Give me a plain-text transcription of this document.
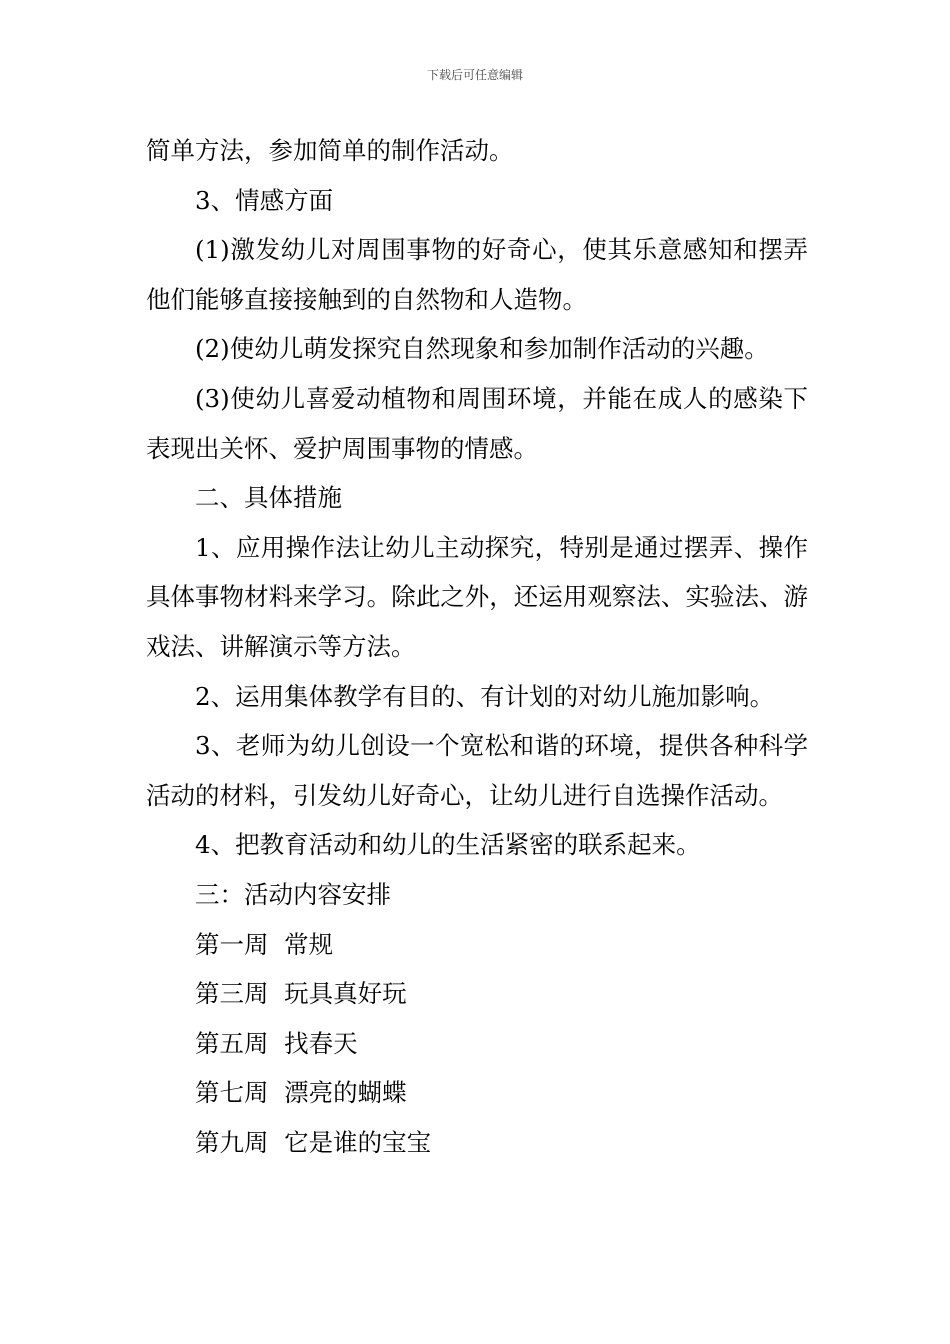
下载后可任意编辑

简单方法，参加简单的制作活动。

3、情感方面

(1)激发幼儿对周围事物的好奇心，使其乐意感知和摆弄他们能够直接接触到的自然物和人造物。

(2)使幼儿萌发探究自然现象和参加制作活动的兴趣。

(3)使幼儿喜爱动植物和周围环境，并能在成人的感染下表现出关怀、爱护周围事物的情感。

二、具体措施

1、应用操作法让幼儿主动探究，特别是通过摆弄、操作具体事物材料来学习。除此之外，还运用观察法、实验法、游戏法、讲解演示等方法。

2、运用集体教学有目的、有计划的对幼儿施加影响。

3、老师为幼儿创设一个宽松和谐的环境，提供各种科学活动的材料，引发幼儿好奇心，让幼儿进行自选操作活动。

4、把教育活动和幼儿的生活紧密的联系起来。

三：活动内容安排

第一周  常规

第三周  玩具真好玩

第五周  找春天

第七周  漂亮的蝴蝶

第九周  它是谁的宝宝
